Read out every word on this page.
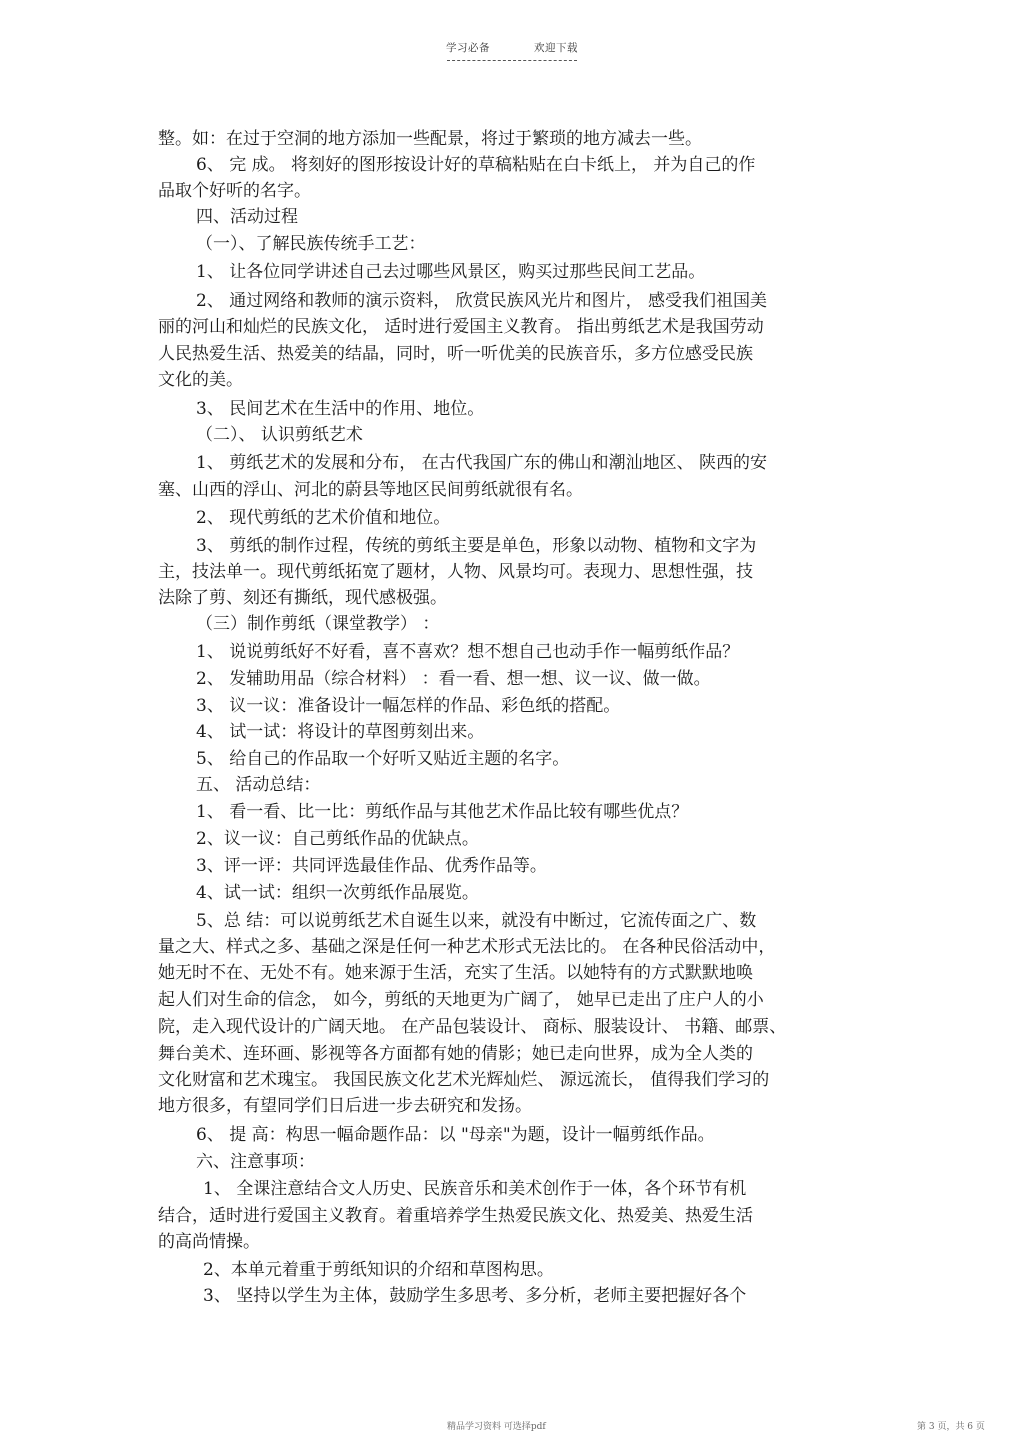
学习必备	欢迎下载
整。如：在过于空洞的地方添加一些配景，将过于繁琐的地方减去一些。
6、 完 成。 将刻好的图形按设计好的草稿粘贴在白卡纸上， 并为自己的作
品取个好听的名字。
四、活动过程
（一）、了解民族传统手工艺：
1、 让各位同学讲述自己去过哪些风景区，购买过那些民间工艺品。
2、 通过网络和教师的演示资料， 欣赏民族风光片和图片， 感受我们祖国美
丽的河山和灿烂的民族文化， 适时进行爱国主义教育。 指出剪纸艺术是我国劳动
人民热爱生活、热爱美的结晶，同时，听一听优美的民族音乐，多方位感受民族
文化的美。
3、 民间艺术在生活中的作用、地位。
（二）、 认识剪纸艺术
1、 剪纸艺术的发展和分布， 在古代我国广东的佛山和潮汕地区、 陕西的安
塞、山西的浮山、河北的蔚县等地区民间剪纸就很有名。
2、 现代剪纸的艺术价值和地位。
3、 剪纸的制作过程，传统的剪纸主要是单色，形象以动物、植物和文字为
主，技法单一。现代剪纸拓宽了题材，人物、风景均可。表现力、思想性强，技
法除了剪、刻还有撕纸，现代感极强。
（三）制作剪纸（课堂教学） ：
1、 说说剪纸好不好看，喜不喜欢？想不想自己也动手作一幅剪纸作品？
2、 发辅助用品（综合材料） ：看一看、想一想、议一议、做一做。
3、 议一议：准备设计一幅怎样的作品、彩色纸的搭配。
4、 试一试：将设计的草图剪刻出来。
5、 给自己的作品取一个好听又贴近主题的名字。
五、 活动总结：
1、 看一看、比一比：剪纸作品与其他艺术作品比较有哪些优点？
2、议一议：自己剪纸作品的优缺点。
3、评一评：共同评选最佳作品、优秀作品等。
4、试一试：组织一次剪纸作品展览。
5、总 结：可以说剪纸艺术自诞生以来，就没有中断过，它流传面之广、数
量之大、样式之多、基础之深是任何一种艺术形式无法比的。 在各种民俗活动中，
她无时不在、无处不有。她来源于生活，充实了生活。以她特有的方式默默地唤
起人们对生命的信念， 如今，剪纸的天地更为广阔了， 她早已走出了庄户人的小
院，走入现代设计的广阔天地。 在产品包装设计、 商标、服装设计、 书籍、邮票、
舞台美术、连环画、影视等各方面都有她的倩影；她已走向世界，成为全人类的
文化财富和艺术瑰宝。 我国民族文化艺术光辉灿烂、 源远流长， 值得我们学习的
地方很多，有望同学们日后进一步去研究和发扬。
6、 提 高：构思一幅命题作品：以 "母亲"为题，设计一幅剪纸作品。
六、注意事项：
1、 全课注意结合文人历史、民族音乐和美术创作于一体，各个环节有机
结合，适时进行爱国主义教育。着重培养学生热爱民族文化、热爱美、热爱生活
的高尚情操。
2、本单元着重于剪纸知识的介绍和草图构思。
3、 坚持以学生为主体，鼓励学生多思考、多分析，老师主要把握好各个
精品学习资料 可选择pdf	第 3 页，共 6 页
